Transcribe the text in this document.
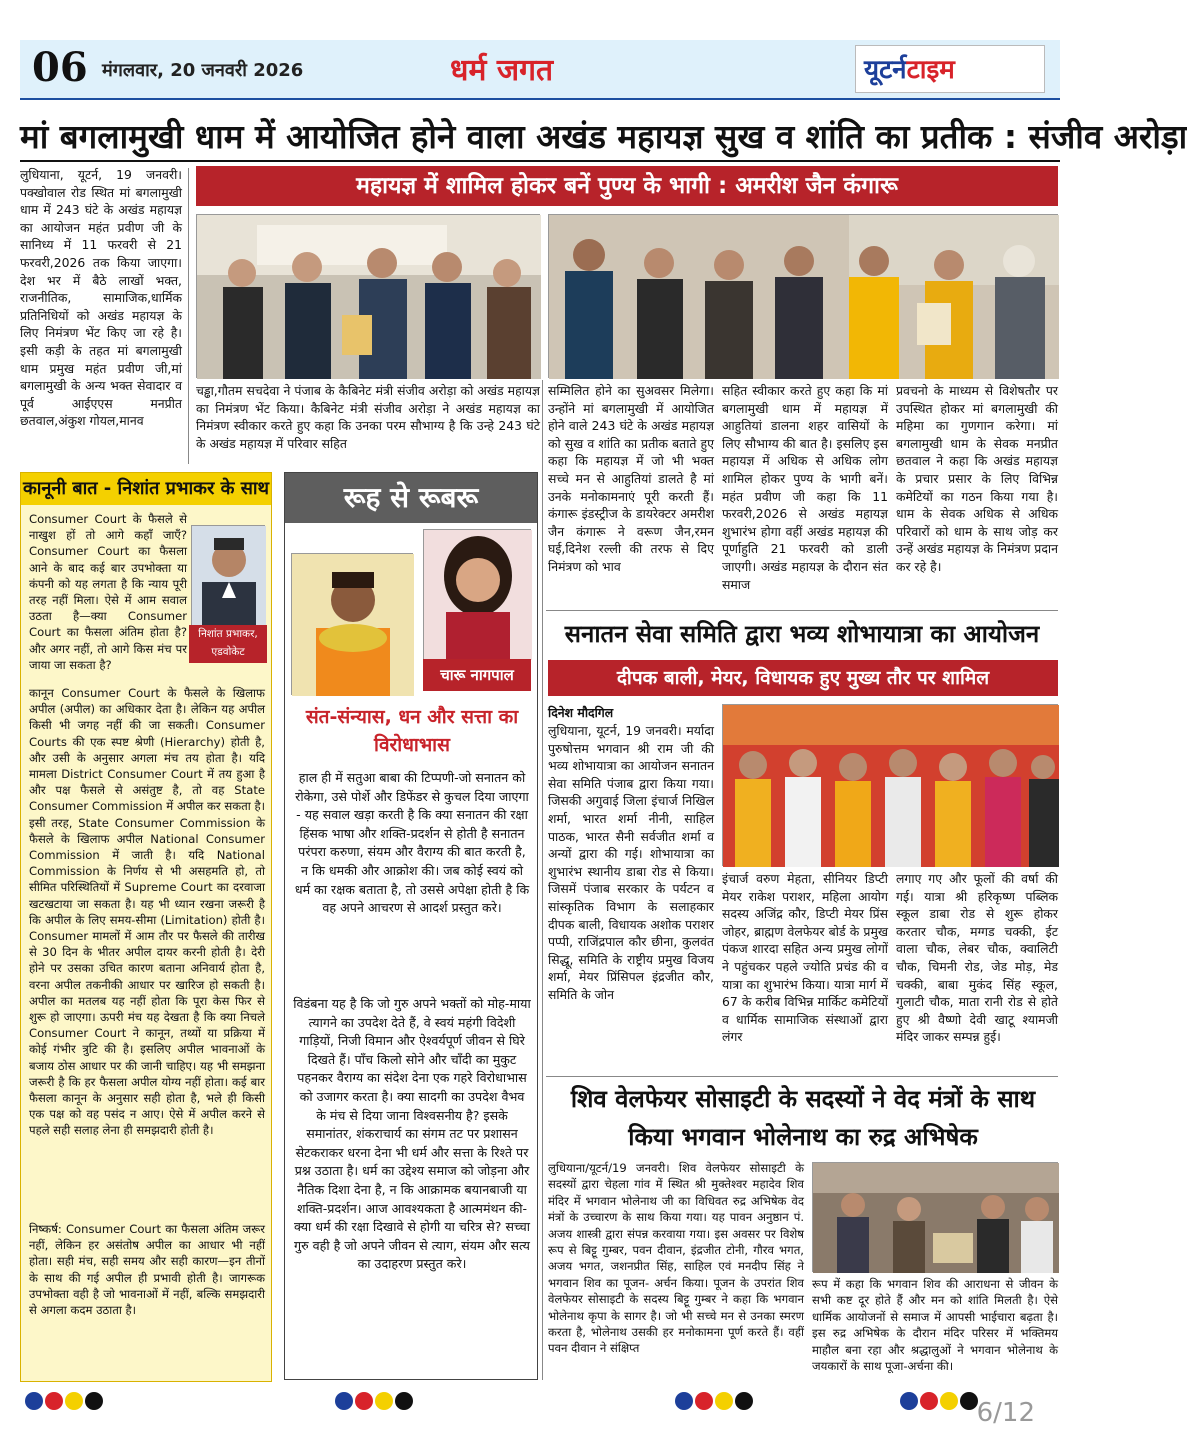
06 मंगलवार, 20 जनवरी 2026	धर्म जगत	यूटर्नटाइम
मां बगलामुखी धाम में आयोजित होने वाला अखंड महायज्ञ सुख व शांति का प्रतीक : संजीव अरोड़ा
लुधियाना, यूटर्न, 19 जनवरी। पक्खोवाल रोड स्थित मां बगलामुखी धाम में 243 घंटे के अखंड महायज्ञ का आयोजन महंत प्रवीण जी के सानिध्य में 11 फरवरी से 21 फरवरी,2026 तक किया जाएगा। देश भर में बैठे लाखों भक्त, राजनीतिक, सामाजिक,धार्मिक प्रतिनिधियों को अखंड महायज्ञ के लिए निमंत्रण भेंट किए जा रहे है। इसी कड़ी के तहत मां बगलामुखी धाम प्रमुख महंत प्रवीण जी,मां बगलामुखी के अन्य भक्त सेवादार व पूर्व आईएएस मनप्रीत छतवाल,अंकुश गोयल,मानव
महायज्ञ में शामिल होकर बनें पुण्य के भागी : अमरीश जैन कंगारू
चड्ढा,गौतम सचदेवा ने पंजाब के कैबिनेट मंत्री संजीव अरोड़ा को अखंड महायज्ञ का निमंत्रण भेंट किया। कैबिनेट मंत्री संजीव अरोड़ा ने अखंड महायज्ञ का निमंत्रण स्वीकार करते हुए कहा कि उनका परम सौभाग्य है कि उन्हे 243 घंटे के अखंड महायज्ञ में परिवार सहित
सम्मिलित होने का सुअवसर मिलेगा। उन्होंने मां बगलामुखी में आयोजित होने वाले 243 घंटे के अखंड महायज्ञ को सुख व शांति का प्रतीक बताते हुए कहा कि महायज्ञ में जो भी भक्त सच्चे मन से आहुतियां डालते है मां उनके मनोकामनाएं पूरी करती हैं। कंगारू इंडस्ट्रीज के डायरेक्टर अमरीश जैन कंगारू ने वरूण जैन,रमन घई,दिनेश रल्ली की तरफ से दिए निमंत्रण को भाव
सहित स्वीकार करते हुए कहा कि मां बगलामुखी धाम में महायज्ञ में आहुतियां डालना शहर वासियों के लिए सौभाग्य की बात है। इसलिए इस महायज्ञ में अधिक से अधिक लोग शामिल होकर पुण्य के भागी बनें। महंत प्रवीण जी कहा कि 11 फरवरी,2026 से अखंड महायज्ञ शुभारंभ होगा वहीं अखंड महायज्ञ की पूर्णाहुति 21 फरवरी को डाली जाएगी। अखंड महायज्ञ के दौरान संत समाज
प्रवचनो के माध्यम से विशेषतौर पर उपस्थित होकर मां बगलामुखी की महिमा का गुणगान करेगा। मां बगलामुखी धाम के सेवक मनप्रीत छतवाल ने कहा कि अखंड महायज्ञ के प्रचार प्रसार के लिए विभिन्न कमेटियों का गठन किया गया है। धाम के सेवक अधिक से अधिक परिवारों को धाम के साथ जोड़ कर उन्हें अखंड महायज्ञ के निमंत्रण प्रदान कर रहे है।
कानूनी बात - निशांत प्रभाकर के साथ
Consumer Court के फैसले से नाखुश हों तो आगे कहाँ जाएँ? Consumer Court का फैसला आने के बाद कई बार उपभोक्ता या कंपनी को यह लगता है कि न्याय पूरी तरह नहीं मिला। ऐसे में आम सवाल उठता है—क्या Consumer Court का फैसला अंतिम होता है? और अगर नहीं, तो आगे किस मंच पर जाया जा सकता है?
निशांत प्रभाकर,
एडवोकेट
कानून Consumer Court के फैसले के खिलाफ अपील (अपील) का अधिकार देता है। लेकिन यह अपील किसी भी जगह नहीं की जा सकती। Consumer Courts की एक स्पष्ट श्रेणी (Hierarchy) होती है, और उसी के अनुसार अगला मंच तय होता है। यदि मामला District Consumer Court में तय हुआ है और पक्ष फैसले से असंतुष्ट है, तो वह State Consumer Commission में अपील कर सकता है। इसी तरह, State Consumer Commission के फैसले के खिलाफ अपील National Consumer Commission में जाती है। यदि National Commission के निर्णय से भी असहमति हो, तो सीमित परिस्थितियों में Supreme Court का दरवाजा खटखटाया जा सकता है। यह भी ध्यान रखना जरूरी है कि अपील के लिए समय-सीमा (Limitation) होती है। Consumer मामलों में आम तौर पर फैसले की तारीख से 30 दिन के भीतर अपील दायर करनी होती है। देरी होने पर उसका उचित कारण बताना अनिवार्य होता है, वरना अपील तकनीकी आधार पर खारिज हो सकती है। अपील का मतलब यह नहीं होता कि पूरा केस फिर से शुरू हो जाएगा। ऊपरी मंच यह देखता है कि क्या निचले Consumer Court ने कानून, तथ्यों या प्रक्रिया में कोई गंभीर त्रुटि की है। इसलिए अपील भावनाओं के बजाय ठोस आधार पर की जानी चाहिए। यह भी समझना जरूरी है कि हर फैसला अपील योग्य नहीं होता। कई बार फैसला कानून के अनुसार सही होता है, भले ही किसी एक पक्ष को वह पसंद न आए। ऐसे में अपील करने से पहले सही सलाह लेना ही समझदारी होती है।
निष्कर्ष: Consumer Court का फैसला अंतिम जरूर नहीं, लेकिन हर असंतोष अपील का आधार भी नहीं होता। सही मंच, सही समय और सही कारण—इन तीनों के साथ की गई अपील ही प्रभावी होती है। जागरूक उपभोक्ता वही है जो भावनाओं में नहीं, बल्कि समझदारी से अगला कदम उठाता है।
रूह से रूबरू
चारू नागपाल
संत-संन्यास, धन और सत्ता का विरोधाभास
हाल ही में सतुआ बाबा की टिप्पणी-जो सनातन को रोकेगा, उसे पोर्शे और डिफेंडर से कुचल दिया जाएगा - यह सवाल खड़ा करती है कि क्या सनातन की रक्षा हिंसक भाषा और शक्ति-प्रदर्शन से होती है सनातन परंपरा करुणा, संयम और वैराग्य की बात करती है, न कि धमकी और आक्रोश की। जब कोई स्वयं को धर्म का रक्षक बताता है, तो उससे अपेक्षा होती है कि वह अपने आचरण से आदर्श प्रस्तुत करे।
विडंबना यह है कि जो गुरु अपने भक्तों को मोह-माया त्यागने का उपदेश देते हैं, वे स्वयं महंगी विदेशी गाड़ियों, निजी विमान और ऐश्वर्यपूर्ण जीवन से घिरे दिखते हैं। पाँच किलो सोने और चाँदी का मुकुट पहनकर वैराग्य का संदेश देना एक गहरे विरोधाभास को उजागर करता है। क्या सादगी का उपदेश वैभव के मंच से दिया जाना विश्वसनीय है? इसके समानांतर, शंकराचार्य का संगम तट पर प्रशासन सेटकराकर धरना देना भी धर्म और सत्ता के रिश्ते पर प्रश्न उठाता है। धर्म का उद्देश्य समाज को जोड़ना और नैतिक दिशा देना है, न कि आक्रामक बयानबाजी या शक्ति-प्रदर्शन। आज आवश्यकता है आत्ममंथन की-क्या धर्म की रक्षा दिखावे से होगी या चरित्र से? सच्चा गुरु वही है जो अपने जीवन से त्याग, संयम और सत्य का उदाहरण प्रस्तुत करे।
सनातन सेवा समिति द्वारा भव्य शोभायात्रा का आयोजन
दीपक बाली, मेयर, विधायक हुए मुख्य तौर पर शामिल
दिनेश मौदगिल
लुधियाना, यूटर्न, 19 जनवरी। मर्यादा पुरुषोत्तम भगवान श्री राम जी की भव्य शोभायात्रा का आयोजन सनातन सेवा समिति पंजाब द्वारा किया गया। जिसकी अगुवाई जिला इंचार्ज निखिल शर्मा, भारत शर्मा नीनी, साहिल पाठक, भारत सैनी सर्वजीत शर्मा व अन्यों द्वारा की गई। शोभायात्रा का शुभारंभ स्थानीय डाबा रोड से किया। जिसमें पंजाब सरकार के पर्यटन व सांस्कृतिक विभाग के सलाहकार दीपक बाली, विधायक अशोक पराशर पप्पी, राजिंद्रपाल कौर छीना, कुलवंत सिद्धू, समिति के राष्ट्रीय प्रमुख विजय शर्मा, मेयर प्रिंसिपल इंद्रजीत कौर, समिति के जोन
इंचार्ज वरुण मेहता, सीनियर डिप्टी मेयर राकेश पराशर, महिला आयोग सदस्य अजिंद्र कौर, डिप्टी मेयर प्रिंस जोहर, ब्राह्मण वेलफेयर बोर्ड के प्रमुख पंकज शारदा सहित अन्य प्रमुख लोगों ने पहुंचकर पहले ज्योति प्रचंड की व यात्रा का शुभारंभ किया। यात्रा मार्ग में 67 के करीब विभिन्न मार्किट कमेटियों व धार्मिक सामाजिक संस्थाओं द्वारा लंगर
लगाए गए और फूलों की वर्षा की गई। यात्रा श्री हरिकृष्ण पब्लिक स्कूल डाबा रोड से शुरू होकर करतार चौक, मग्गड चक्की, ईट वाला चौक, लेबर चौक, क्वालिटी चौक, चिमनी रोड, जेड मोड़, मेड चक्की, बाबा मुकंद सिंह स्कूल, गुलाटी चौक, माता रानी रोड से होते हुए श्री वैष्णो देवी खाटू श्यामजी मंदिर जाकर सम्पन्न हुई।
शिव वेलफेयर सोसाइटी के सदस्यों ने वेद मंत्रों के साथ किया भगवान भोलेनाथ का रुद्र अभिषेक
लुधियाना/यूटर्न/19 जनवरी। शिव वेलफेयर सोसाइटी के सदस्यों द्वारा चेहला गांव में स्थित श्री मुक्तेश्वर महादेव शिव मंदिर में भगवान भोलेनाथ जी का विधिवत रुद्र अभिषेक वेद मंत्रों के उच्चारण के साथ किया गया। यह पावन अनुष्ठान पं. अजय शास्त्री द्वारा संपन्न करवाया गया। इस अवसर पर विशेष रूप से बिट्टू गुम्बर, पवन दीवान, इंद्रजीत टोनी, गौरव भगत, अजय भगत, जशनप्रीत सिंह, साहिल एवं मनदीप सिंह ने भगवान शिव का पूजन- अर्चन किया। पूजन के उपरांत शिव वेलफेयर सोसाइटी के सदस्य बिट्टू गुम्बर ने कहा कि भगवान भोलेनाथ कृपा के सागर है। जो भी सच्चे मन से उनका स्मरण करता है, भोलेनाथ उसकी हर मनोकामना पूर्ण करते हैं। वहीं पवन दीवान ने संक्षिप्त
रूप में कहा कि भगवान शिव की आराधना से जीवन के सभी कष्ट दूर होते हैं और मन को शांति मिलती है। ऐसे धार्मिक आयोजनों से समाज में आपसी भाईचारा बढ़ता है। इस रुद्र अभिषेक के दौरान मंदिर परिसर में भक्तिमय माहौल बना रहा और श्रद्धालुओं ने भगवान भोलेनाथ के जयकारों के साथ पूजा-अर्चना की।
6/12
